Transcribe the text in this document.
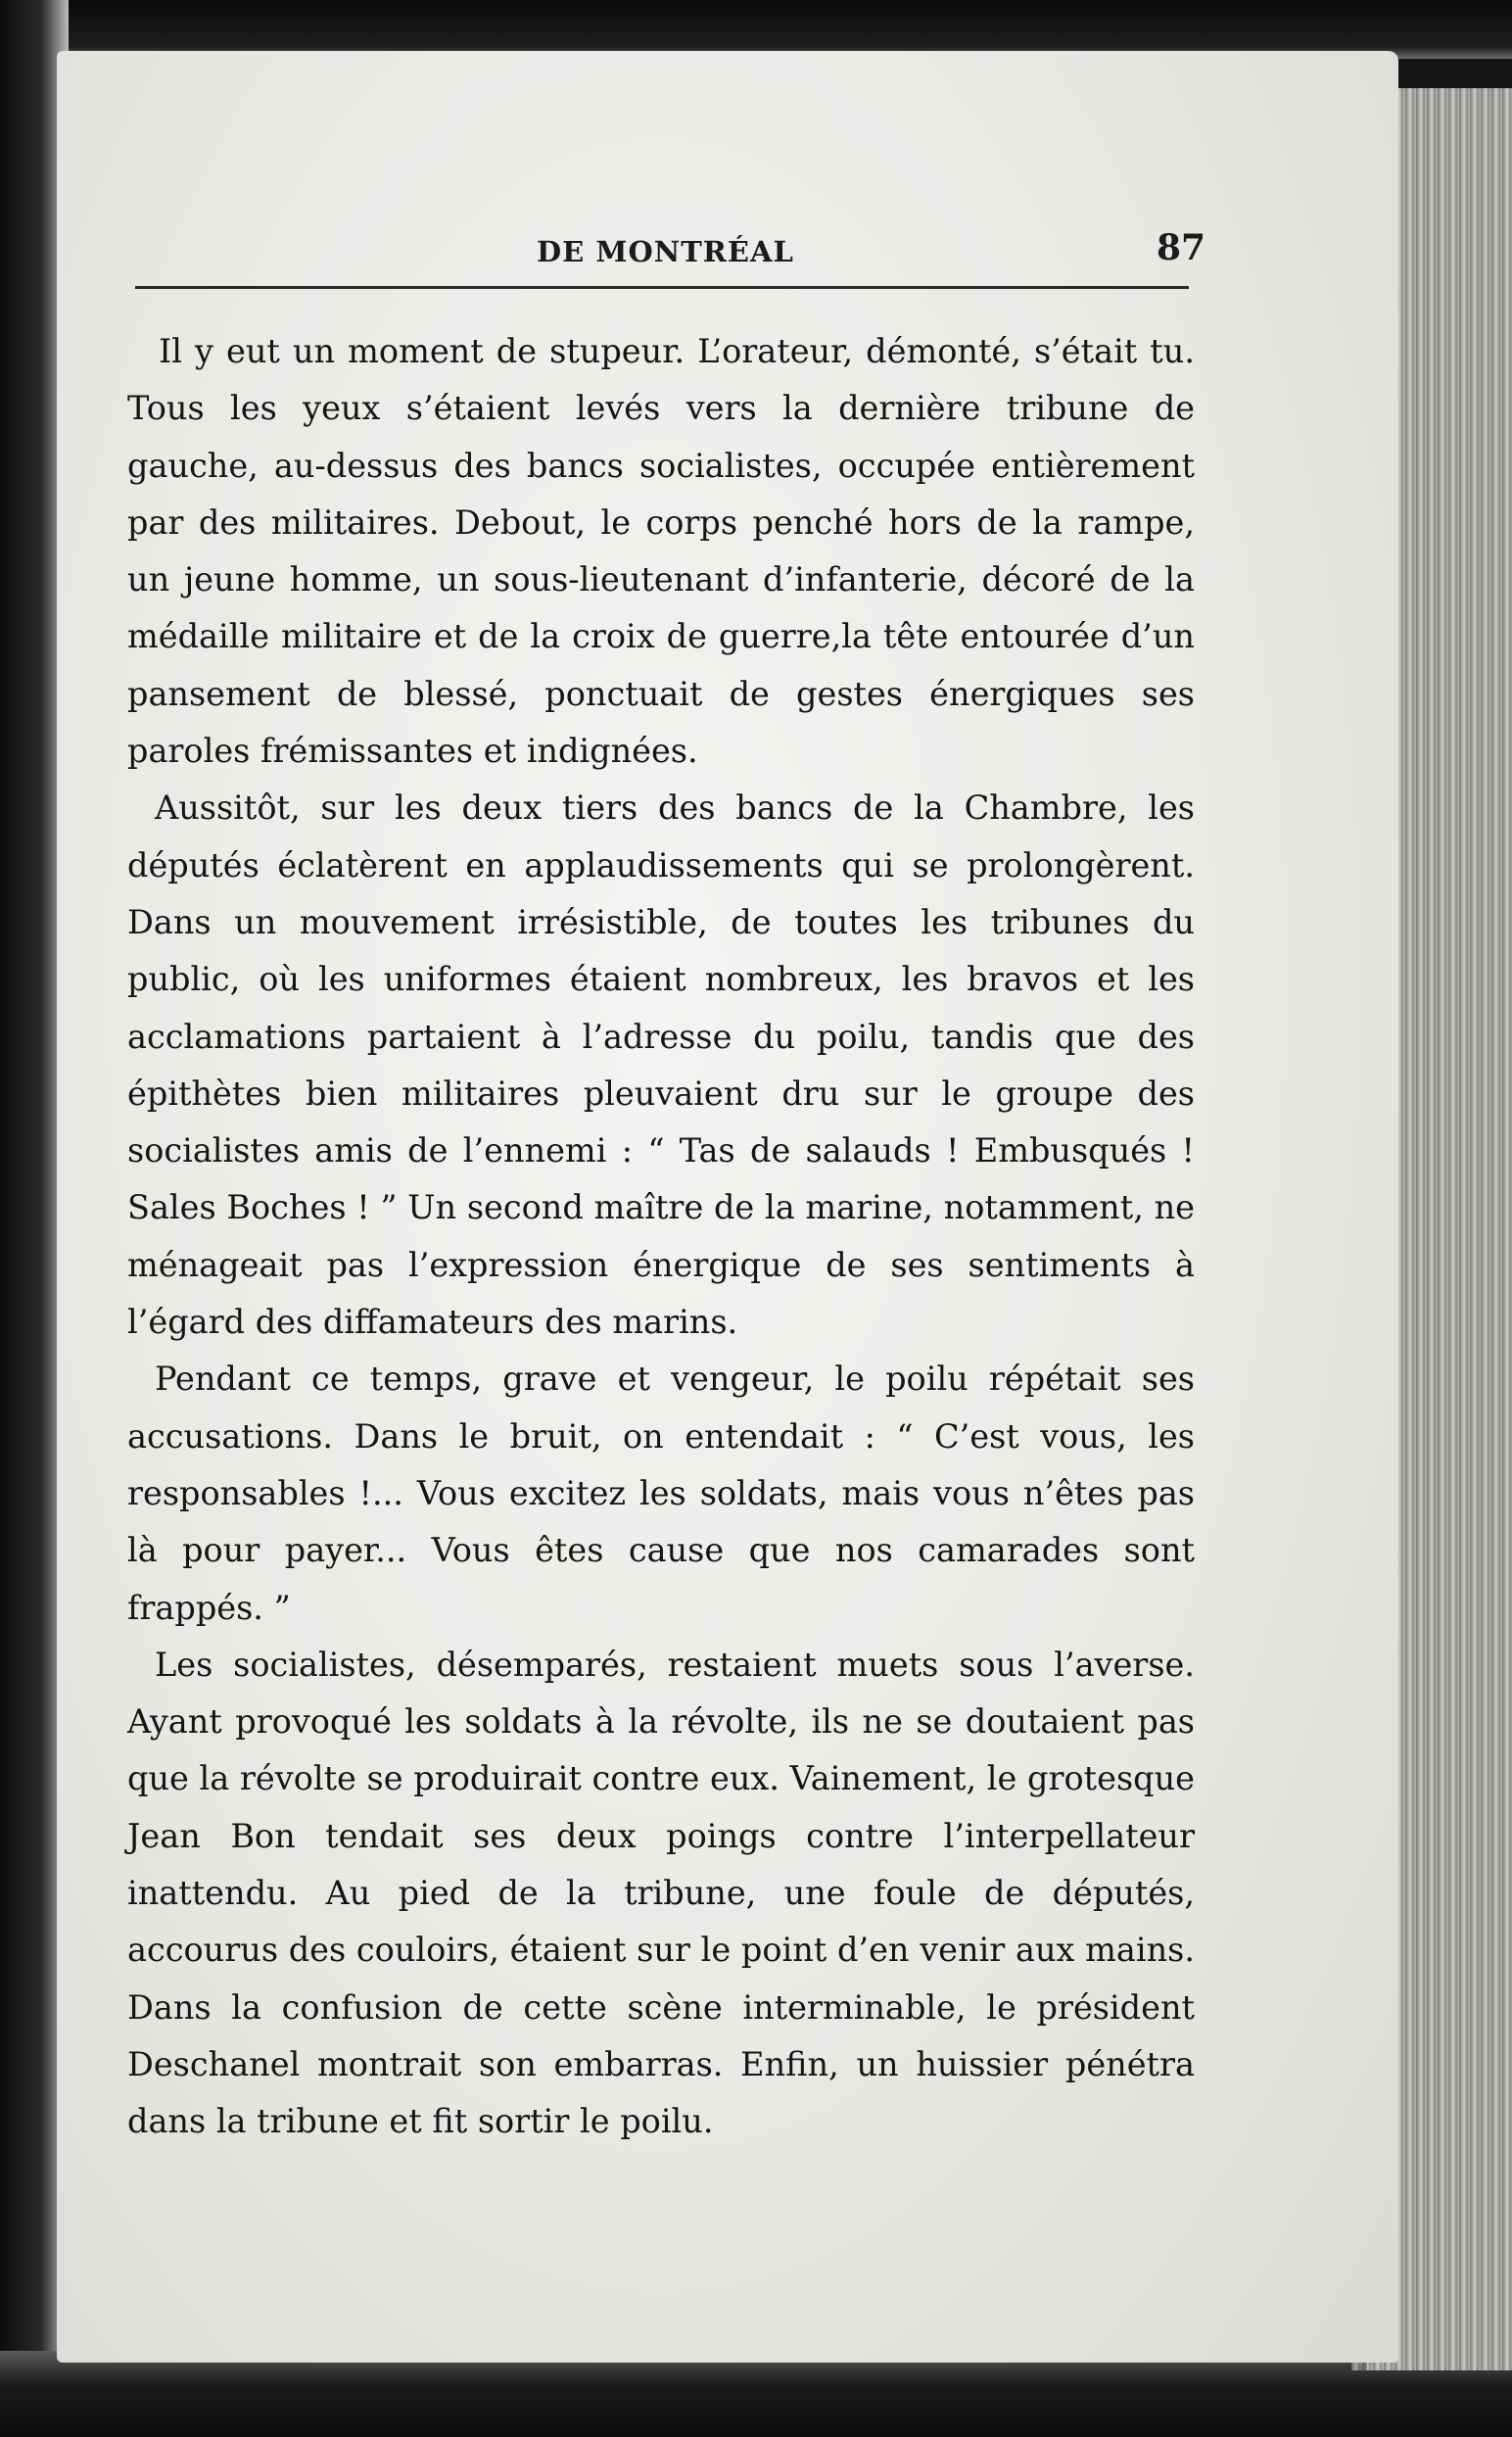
DE MONTRÉAL	87

Il y eut un moment de stupeur. L’orateur, démonté, s’était tu. Tous les yeux s’étaient levés vers la dernière tribune de gauche, au-dessus des bancs socialistes, occupée entièrement par des militaires. Debout, le corps penché hors de la rampe, un jeune homme, un sous-lieutenant d’infanterie, décoré de la médaille militaire et de la croix de guerre,la tête entourée d’un pansement de blessé, ponctuait de gestes énergiques ses paroles frémissantes et indignées.

Aussitôt, sur les deux tiers des bancs de la Chambre, les députés éclatèrent en applaudissements qui se prolongèrent. Dans un mouvement irrésistible, de toutes les tribunes du public, où les uniformes étaient nombreux, les bravos et les acclamations partaient à l’adresse du poilu, tandis que des épithètes bien militaires pleuvaient dru sur le groupe des socialistes amis de l’ennemi : “ Tas de salauds ! Embusqués ! Sales Boches ! ” Un second maître de la marine, notamment, ne ménageait pas l’expression énergique de ses sentiments à l’égard des diffamateurs des marins.

Pendant ce temps, grave et vengeur, le poilu répétait ses accusations. Dans le bruit, on entendait : “ C’est vous, les responsables !... Vous excitez les soldats, mais vous n’êtes pas là pour payer... Vous êtes cause que nos camarades sont frappés. ”

Les socialistes, désemparés, restaient muets sous l’averse. Ayant provoqué les soldats à la révolte, ils ne se doutaient pas que la révolte se produirait contre eux. Vainement, le grotesque Jean Bon tendait ses deux poings contre l’interpellateur inattendu. Au pied de la tribune, une foule de députés, accourus des couloirs, étaient sur le point d’en venir aux mains. Dans la confusion de cette scène interminable, le président Deschanel montrait son embarras. Enfin, un huissier pénétra dans la tribune et fit sortir le poilu.
